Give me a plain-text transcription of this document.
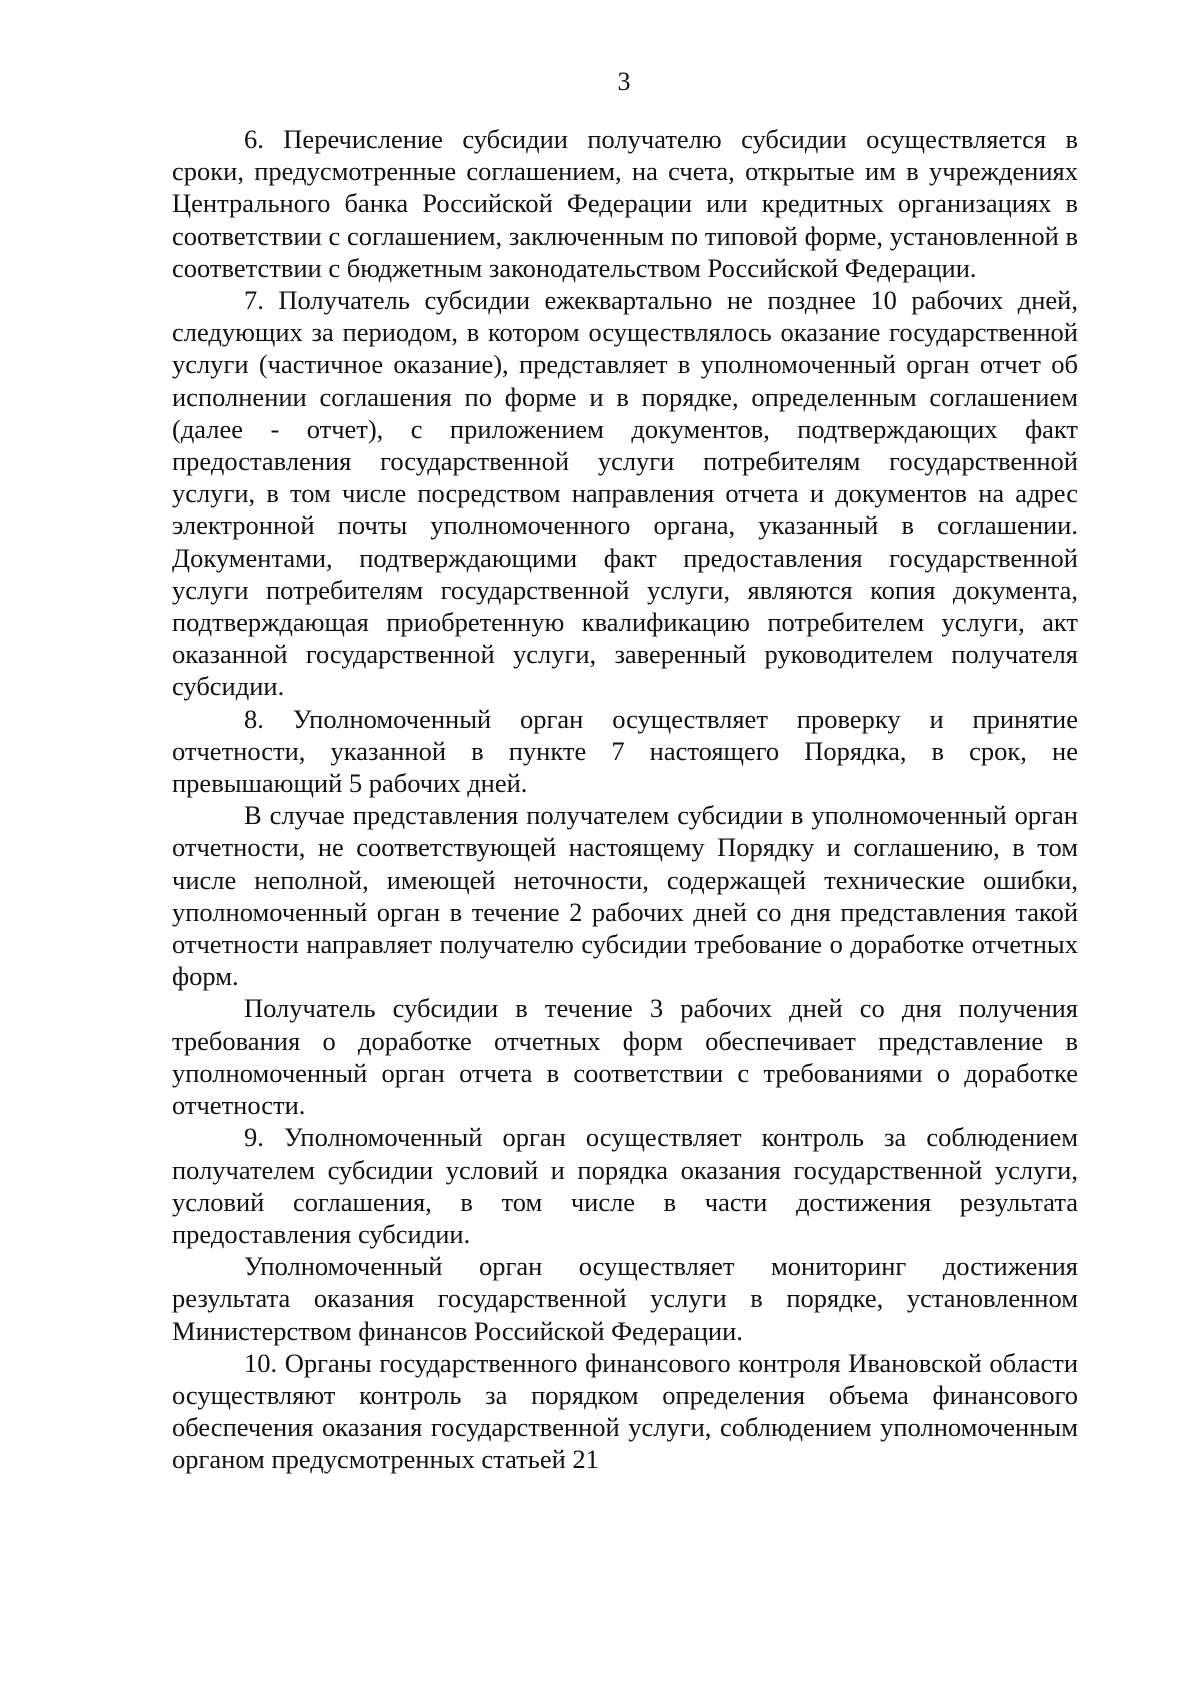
3

6. Перечисление субсидии получателю субсидии осуществляется в сроки, предусмотренные соглашением, на счета, открытые им в учреждениях Центрального банка Российской Федерации или кредитных организациях в соответствии с соглашением, заключенным по типовой форме, установленной в соответствии с бюджетным законодательством Российской Федерации.

7. Получатель субсидии ежеквартально не позднее 10 рабочих дней, следующих за периодом, в котором осуществлялось оказание государственной услуги (частичное оказание), представляет в уполномоченный орган отчет об исполнении соглашения по форме и в порядке, определенным соглашением (далее - отчет), с приложением документов, подтверждающих факт предоставления государственной услуги потребителям государственной услуги, в том числе посредством направления отчета и документов на адрес электронной почты уполномоченного органа, указанный в соглашении. Документами, подтверждающими факт предоставления государственной услуги потребителям государственной услуги, являются копия документа, подтверждающая приобретенную квалификацию потребителем услуги, акт оказанной государственной услуги, заверенный руководителем получателя субсидии.

8. Уполномоченный орган осуществляет проверку и принятие отчетности, указанной в пункте 7 настоящего Порядка, в срок, не превышающий 5 рабочих дней.

В случае представления получателем субсидии в уполномоченный орган отчетности, не соответствующей настоящему Порядку и соглашению, в том числе неполной, имеющей неточности, содержащей технические ошибки, уполномоченный орган в течение 2 рабочих дней со дня представления такой отчетности направляет получателю субсидии требование о доработке отчетных форм.

Получатель субсидии в течение 3 рабочих дней со дня получения требования о доработке отчетных форм обеспечивает представление в уполномоченный орган отчета в соответствии с требованиями о доработке отчетности.

9. Уполномоченный орган осуществляет контроль за соблюдением получателем субсидии условий и порядка оказания государственной услуги, условий соглашения, в том числе в части достижения результата предоставления субсидии.

Уполномоченный орган осуществляет мониторинг достижения результата оказания государственной услуги в порядке, установленном Министерством финансов Российской Федерации.

10. Органы государственного финансового контроля Ивановской области осуществляют контроль за порядком определения объема финансового обеспечения оказания государственной услуги, соблюдением уполномоченным органом предусмотренных статьей 21
